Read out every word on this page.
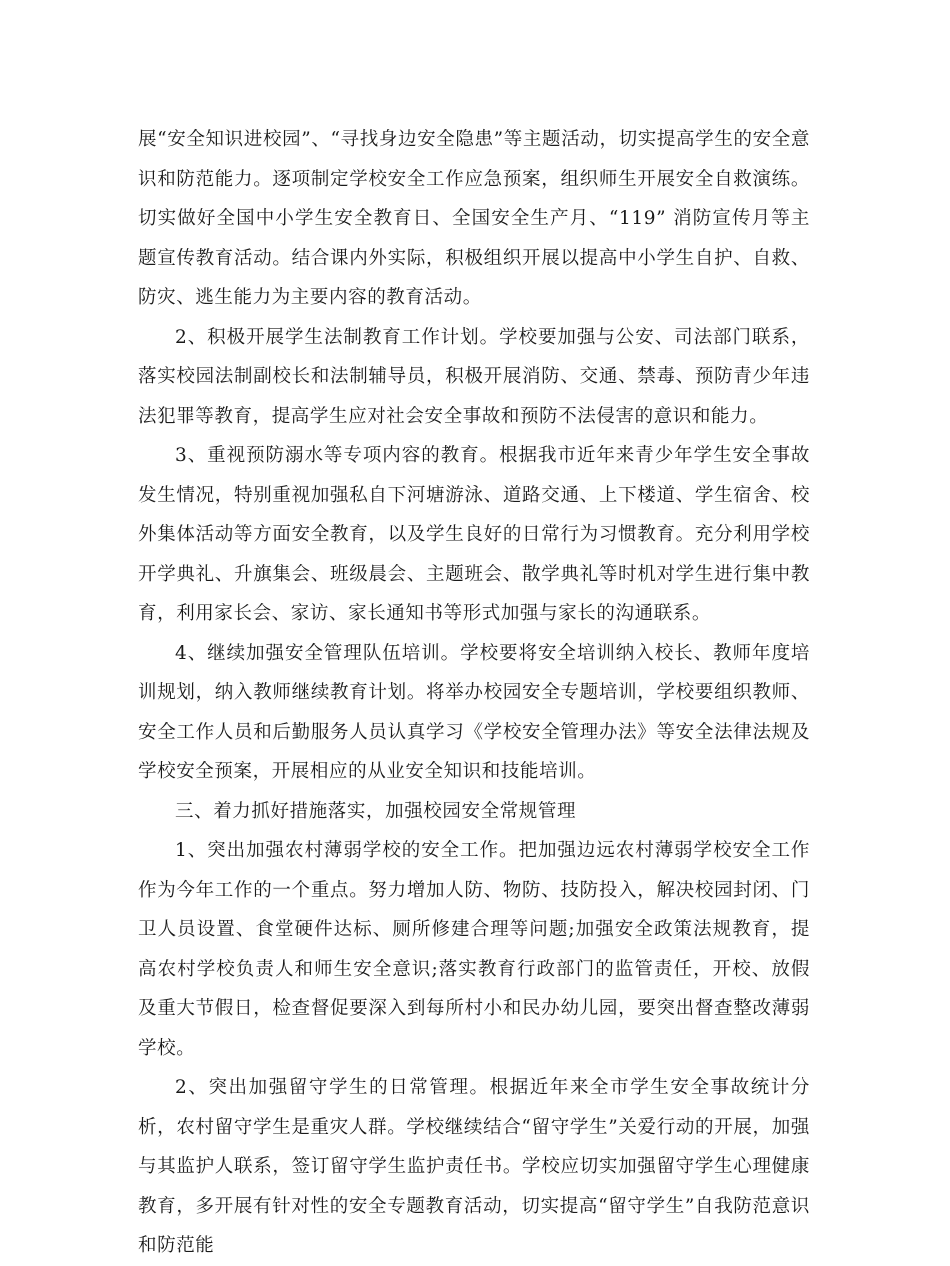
展“安全知识进校园”、“寻找身边安全隐患”等主题活动，切实提高学生的安全意识和防范能力。逐项制定学校安全工作应急预案，组织师生开展安全自救演练。切实做好全国中小学生安全教育日、全国安全生产月、“119” 消防宣传月等主题宣传教育活动。结合课内外实际，积极组织开展以提高中小学生自护、自救、防灾、逃生能力为主要内容的教育活动。

2、积极开展学生法制教育工作计划。学校要加强与公安、司法部门联系，落实校园法制副校长和法制辅导员，积极开展消防、交通、禁毒、预防青少年违法犯罪等教育，提高学生应对社会安全事故和预防不法侵害的意识和能力。

3、重视预防溺水等专项内容的教育。根据我市近年来青少年学生安全事故发生情况，特别重视加强私自下河塘游泳、道路交通、上下楼道、学生宿舍、校外集体活动等方面安全教育，以及学生良好的日常行为习惯教育。充分利用学校开学典礼、升旗集会、班级晨会、主题班会、散学典礼等时机对学生进行集中教育，利用家长会、家访、家长通知书等形式加强与家长的沟通联系。

4、继续加强安全管理队伍培训。学校要将安全培训纳入校长、教师年度培训规划，纳入教师继续教育计划。将举办校园安全专题培训，学校要组织教师、安全工作人员和后勤服务人员认真学习《学校安全管理办法》等安全法律法规及学校安全预案，开展相应的从业安全知识和技能培训。

三、着力抓好措施落实，加强校园安全常规管理

1、突出加强农村薄弱学校的安全工作。把加强边远农村薄弱学校安全工作作为今年工作的一个重点。努力增加人防、物防、技防投入，解决校园封闭、门卫人员设置、食堂硬件达标、厕所修建合理等问题;加强安全政策法规教育，提高农村学校负责人和师生安全意识;落实教育行政部门的监管责任，开校、放假及重大节假日，检查督促要深入到每所村小和民办幼儿园，要突出督查整改薄弱学校。

2、突出加强留守学生的日常管理。根据近年来全市学生安全事故统计分析，农村留守学生是重灾人群。学校继续结合“留守学生”关爱行动的开展，加强与其监护人联系，签订留守学生监护责任书。学校应切实加强留守学生心理健康教育，多开展有针对性的安全专题教育活动，切实提高“留守学生”自我防范意识和防范能
